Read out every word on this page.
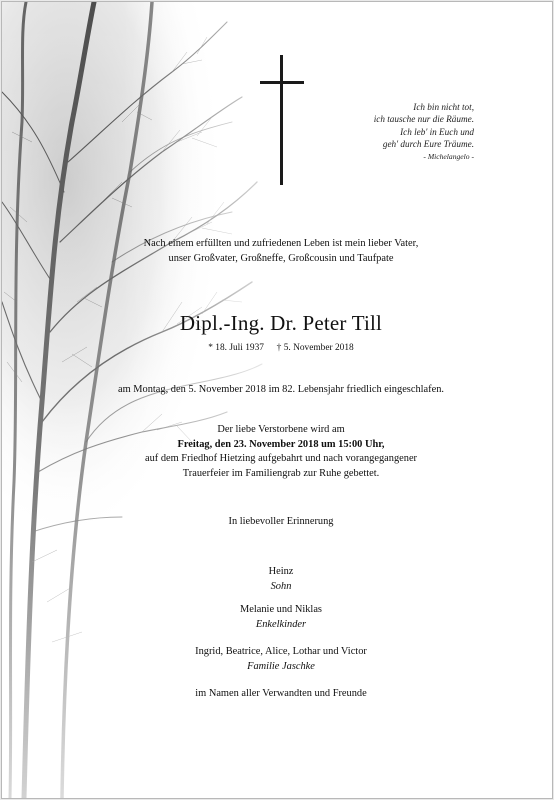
Ich bin nicht tot,
ich tausche nur die Räume.
Ich leb' in Euch und
geh' durch Eure Träume.
- Michelangelo -
Nach einem erfüllten und zufriedenen Leben ist mein lieber Vater,
unser Großvater, Großneffe, Großcousin und Taufpate
Dipl.-Ing. Dr. Peter Till
* 18. Juli 1937 † 5. November 2018
am Montag, den 5. November 2018 im 82. Lebensjahr friedlich eingeschlafen.
Der liebe Verstorbene wird am
Freitag, den 23. November 2018 um 15:00 Uhr,
auf dem Friedhof Hietzing aufgebahrt und nach vorangegangener
Trauerfeier im Familiengrab zur Ruhe gebettet.
In liebevoller Erinnerung
Heinz
Sohn
Melanie und Niklas
Enkelkinder
Ingrid, Beatrice, Alice, Lothar und Victor
Familie Jaschke
im Namen aller Verwandten und Freunde
